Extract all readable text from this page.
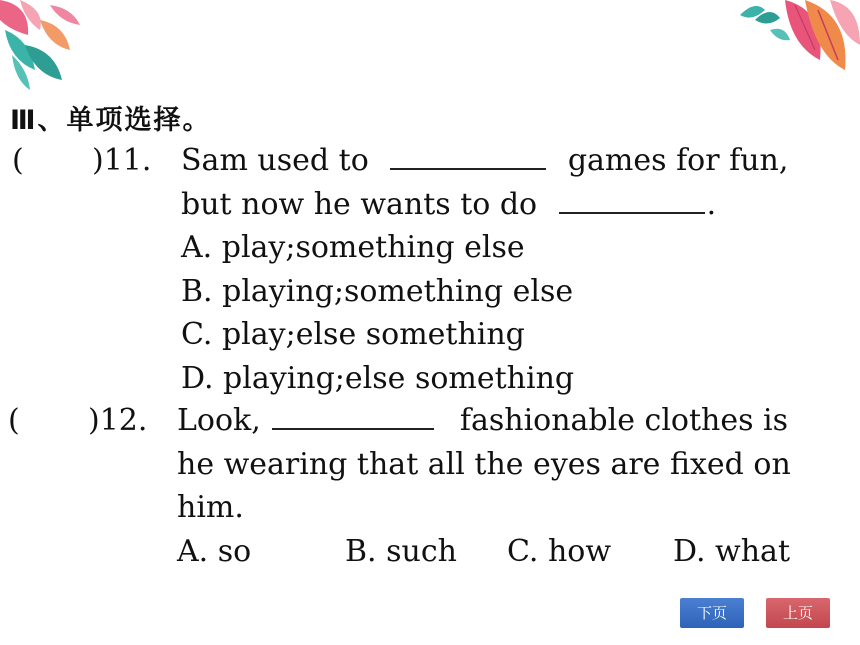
Ⅲ、单项选择。
( )11. Sam used to	games for fun,
but now he wants to do	.
A. play;something else
B. playing;something else
C. play;else something
D. playing;else something
( )12. Look,	fashionable clothes is
he wearing that all the eyes are fixed on
him.
A. so	B. such C. how D. what
下页	上页
